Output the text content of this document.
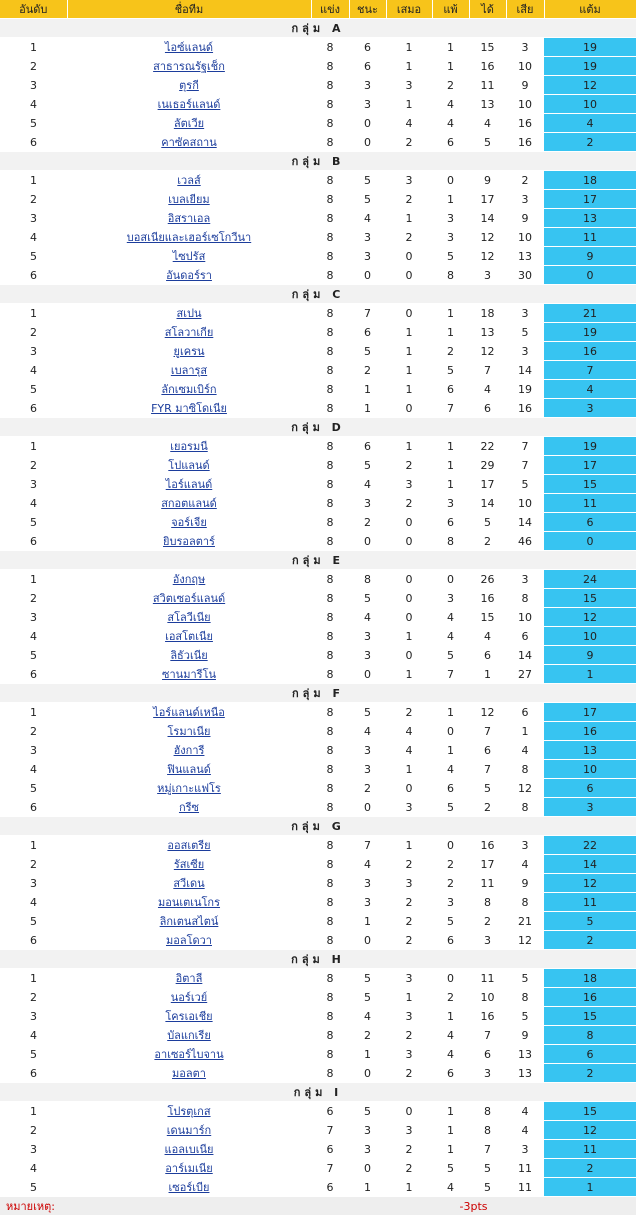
อันดับ	ชื่อทีม	แข่ง	ชนะ	เสมอ	แพ้	ได้	เสีย	แต้ม
กลุ่ม A								
1	ไอซ์แลนด์	8	6	1	1	15	3	19
2	สาธารณรัฐเช็ก	8	6	1	1	16	10	19
3	ตุรกี	8	3	3	2	11	9	12
4	เนเธอร์แลนด์	8	3	1	4	13	10	10
5	ลัตเวีย	8	0	4	4	4	16	4
6	คาซัคสถาน	8	0	2	6	5	16	2
กลุ่ม B								
1	เวลส์	8	5	3	0	9	2	18
2	เบลเยียม	8	5	2	1	17	3	17
3	อิสราเอล	8	4	1	3	14	9	13
4	บอสเนียและเฮอร์เซโกวีนา	8	3	2	3	12	10	11
5	ไซปรัส	8	3	0	5	12	13	9
6	อันดอร์รา	8	0	0	8	3	30	0
กลุ่ม C								
1	สเปน	8	7	0	1	18	3	21
2	สโลวาเกีย	8	6	1	1	13	5	19
3	ยูเครน	8	5	1	2	12	3	16
4	เบลารุส	8	2	1	5	7	14	7
5	ลักเซมเบิร์ก	8	1	1	6	4	19	4
6	FYR มาซิโดเนีย	8	1	0	7	6	16	3
กลุ่ม D								
1	เยอรมนี	8	6	1	1	22	7	19
2	โปแลนด์	8	5	2	1	29	7	17
3	ไอร์แลนด์	8	4	3	1	17	5	15
4	สกอตแลนด์	8	3	2	3	14	10	11
5	จอร์เจีย	8	2	0	6	5	14	6
6	ยิบรอลตาร์	8	0	0	8	2	46	0
กลุ่ม E								
1	อังกฤษ	8	8	0	0	26	3	24
2	สวิตเซอร์แลนด์	8	5	0	3	16	8	15
3	สโลวีเนีย	8	4	0	4	15	10	12
4	เอสโตเนีย	8	3	1	4	4	6	10
5	ลิธัวเนีย	8	3	0	5	6	14	9
6	ซานมารีโน	8	0	1	7	1	27	1
กลุ่ม F								
1	ไอร์แลนด์เหนือ	8	5	2	1	12	6	17
2	โรมาเนีย	8	4	4	0	7	1	16
3	ฮังการี	8	3	4	1	6	4	13
4	ฟินแลนด์	8	3	1	4	7	8	10
5	หมู่เกาะแฟโร	8	2	0	6	5	12	6
6	กรีซ	8	0	3	5	2	8	3
กลุ่ม G								
1	ออสเตรีย	8	7	1	0	16	3	22
2	รัสเซีย	8	4	2	2	17	4	14
3	สวีเดน	8	3	3	2	11	9	12
4	มอนเตเนโกร	8	3	2	3	8	8	11
5	ลิกเตนสไตน์	8	1	2	5	2	21	5
6	มอลโดวา	8	0	2	6	3	12	2
กลุ่ม H								
1	อิตาลี	8	5	3	0	11	5	18
2	นอร์เวย์	8	5	1	2	10	8	16
3	โครเอเชีย	8	4	3	1	16	5	15
4	บัลแกเรีย	8	2	2	4	7	9	8
5	อาเซอร์ไบจาน	8	1	3	4	6	13	6
6	มอลตา	8	0	2	6	3	13	2
กลุ่ม I								
1	โปรตุเกส	6	5	0	1	8	4	15
2	เดนมาร์ก	7	3	3	1	8	4	12
3	แอลเบเนีย	6	3	2	1	7	3	11
4	อาร์เมเนีย	7	0	2	5	5	11	2
5	เซอร์เบีย	6	1	1	4	5	11	1
หมายเหตุ:		-3pts						
